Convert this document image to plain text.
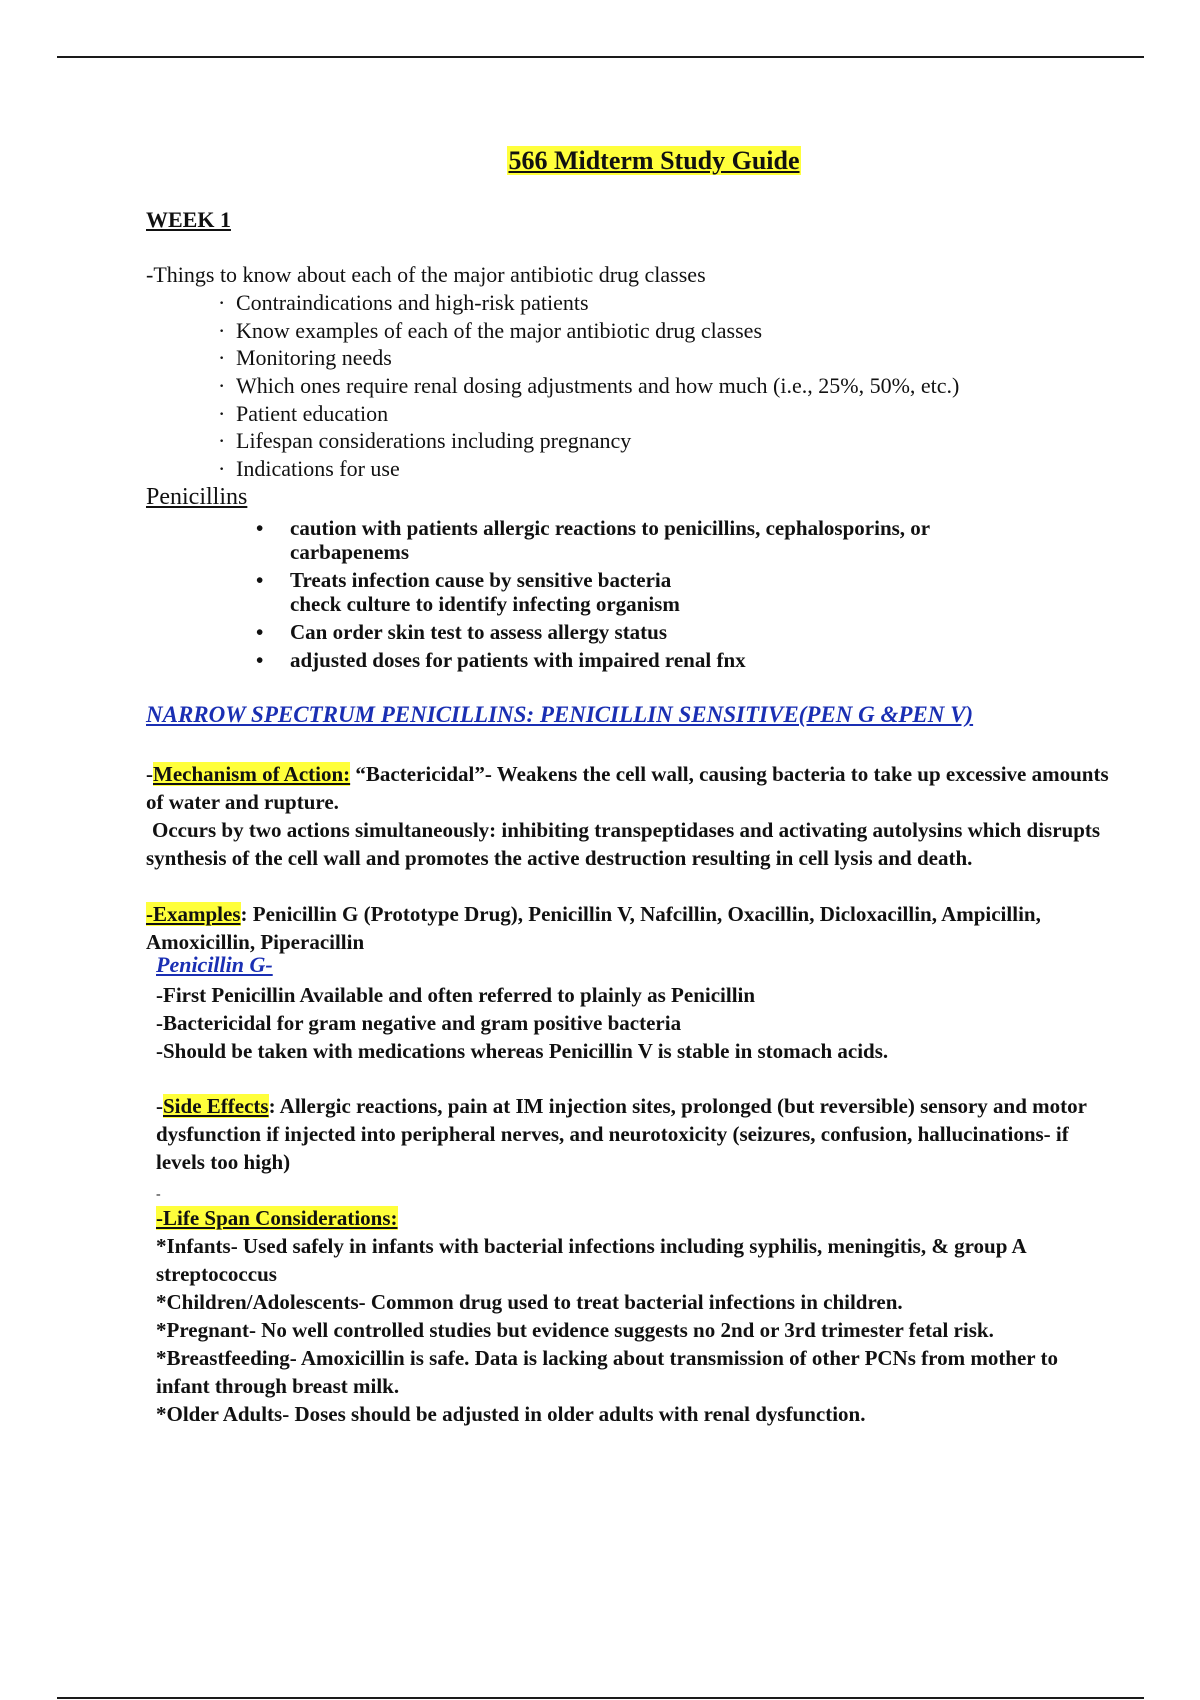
566 Midterm Study Guide
WEEK 1
-Things to know about each of the major antibiotic drug classes
· Contraindications and high-risk patients
· Know examples of each of the major antibiotic drug classes
· Monitoring needs
· Which ones require renal dosing adjustments and how much (i.e., 25%, 50%, etc.)
· Patient education
· Lifespan considerations including pregnancy
· Indications for use
Penicillins
• caution with patients allergic reactions to penicillins, cephalosporins, or carbapenems
• Treats infection cause by sensitive bacteria check culture to identify infecting organism
• Can order skin test to assess allergy status
• adjusted doses for patients with impaired renal fnx
NARROW SPECTRUM PENICILLINS: PENICILLIN SENSITIVE(PEN G &PEN V)
-Mechanism of Action: “Bactericidal”- Weakens the cell wall, causing bacteria to take up excessive amounts of water and rupture.
Occurs by two actions simultaneously: inhibiting transpeptidases and activating autolysins which disrupts synthesis of the cell wall and promotes the active destruction resulting in cell lysis and death.
-Examples: Penicillin G (Prototype Drug), Penicillin V, Nafcillin, Oxacillin, Dicloxacillin, Ampicillin, Amoxicillin, Piperacillin
Penicillin G-
-First Penicillin Available and often referred to plainly as Penicillin
-Bactericidal for gram negative and gram positive bacteria
-Should be taken with medications whereas Penicillin V is stable in stomach acids.
-Side Effects: Allergic reactions, pain at IM injection sites, prolonged (but reversible) sensory and motor dysfunction if injected into peripheral nerves, and neurotoxicity (seizures, confusion, hallucinations- if levels too high)
-
-Life Span Considerations:
*Infants- Used safely in infants with bacterial infections including syphilis, meningitis, & group A streptococcus
*Children/Adolescents- Common drug used to treat bacterial infections in children.
*Pregnant- No well controlled studies but evidence suggests no 2nd or 3rd trimester fetal risk.
*Breastfeeding- Amoxicillin is safe. Data is lacking about transmission of other PCNs from mother to infant through breast milk.
*Older Adults- Doses should be adjusted in older adults with renal dysfunction.
